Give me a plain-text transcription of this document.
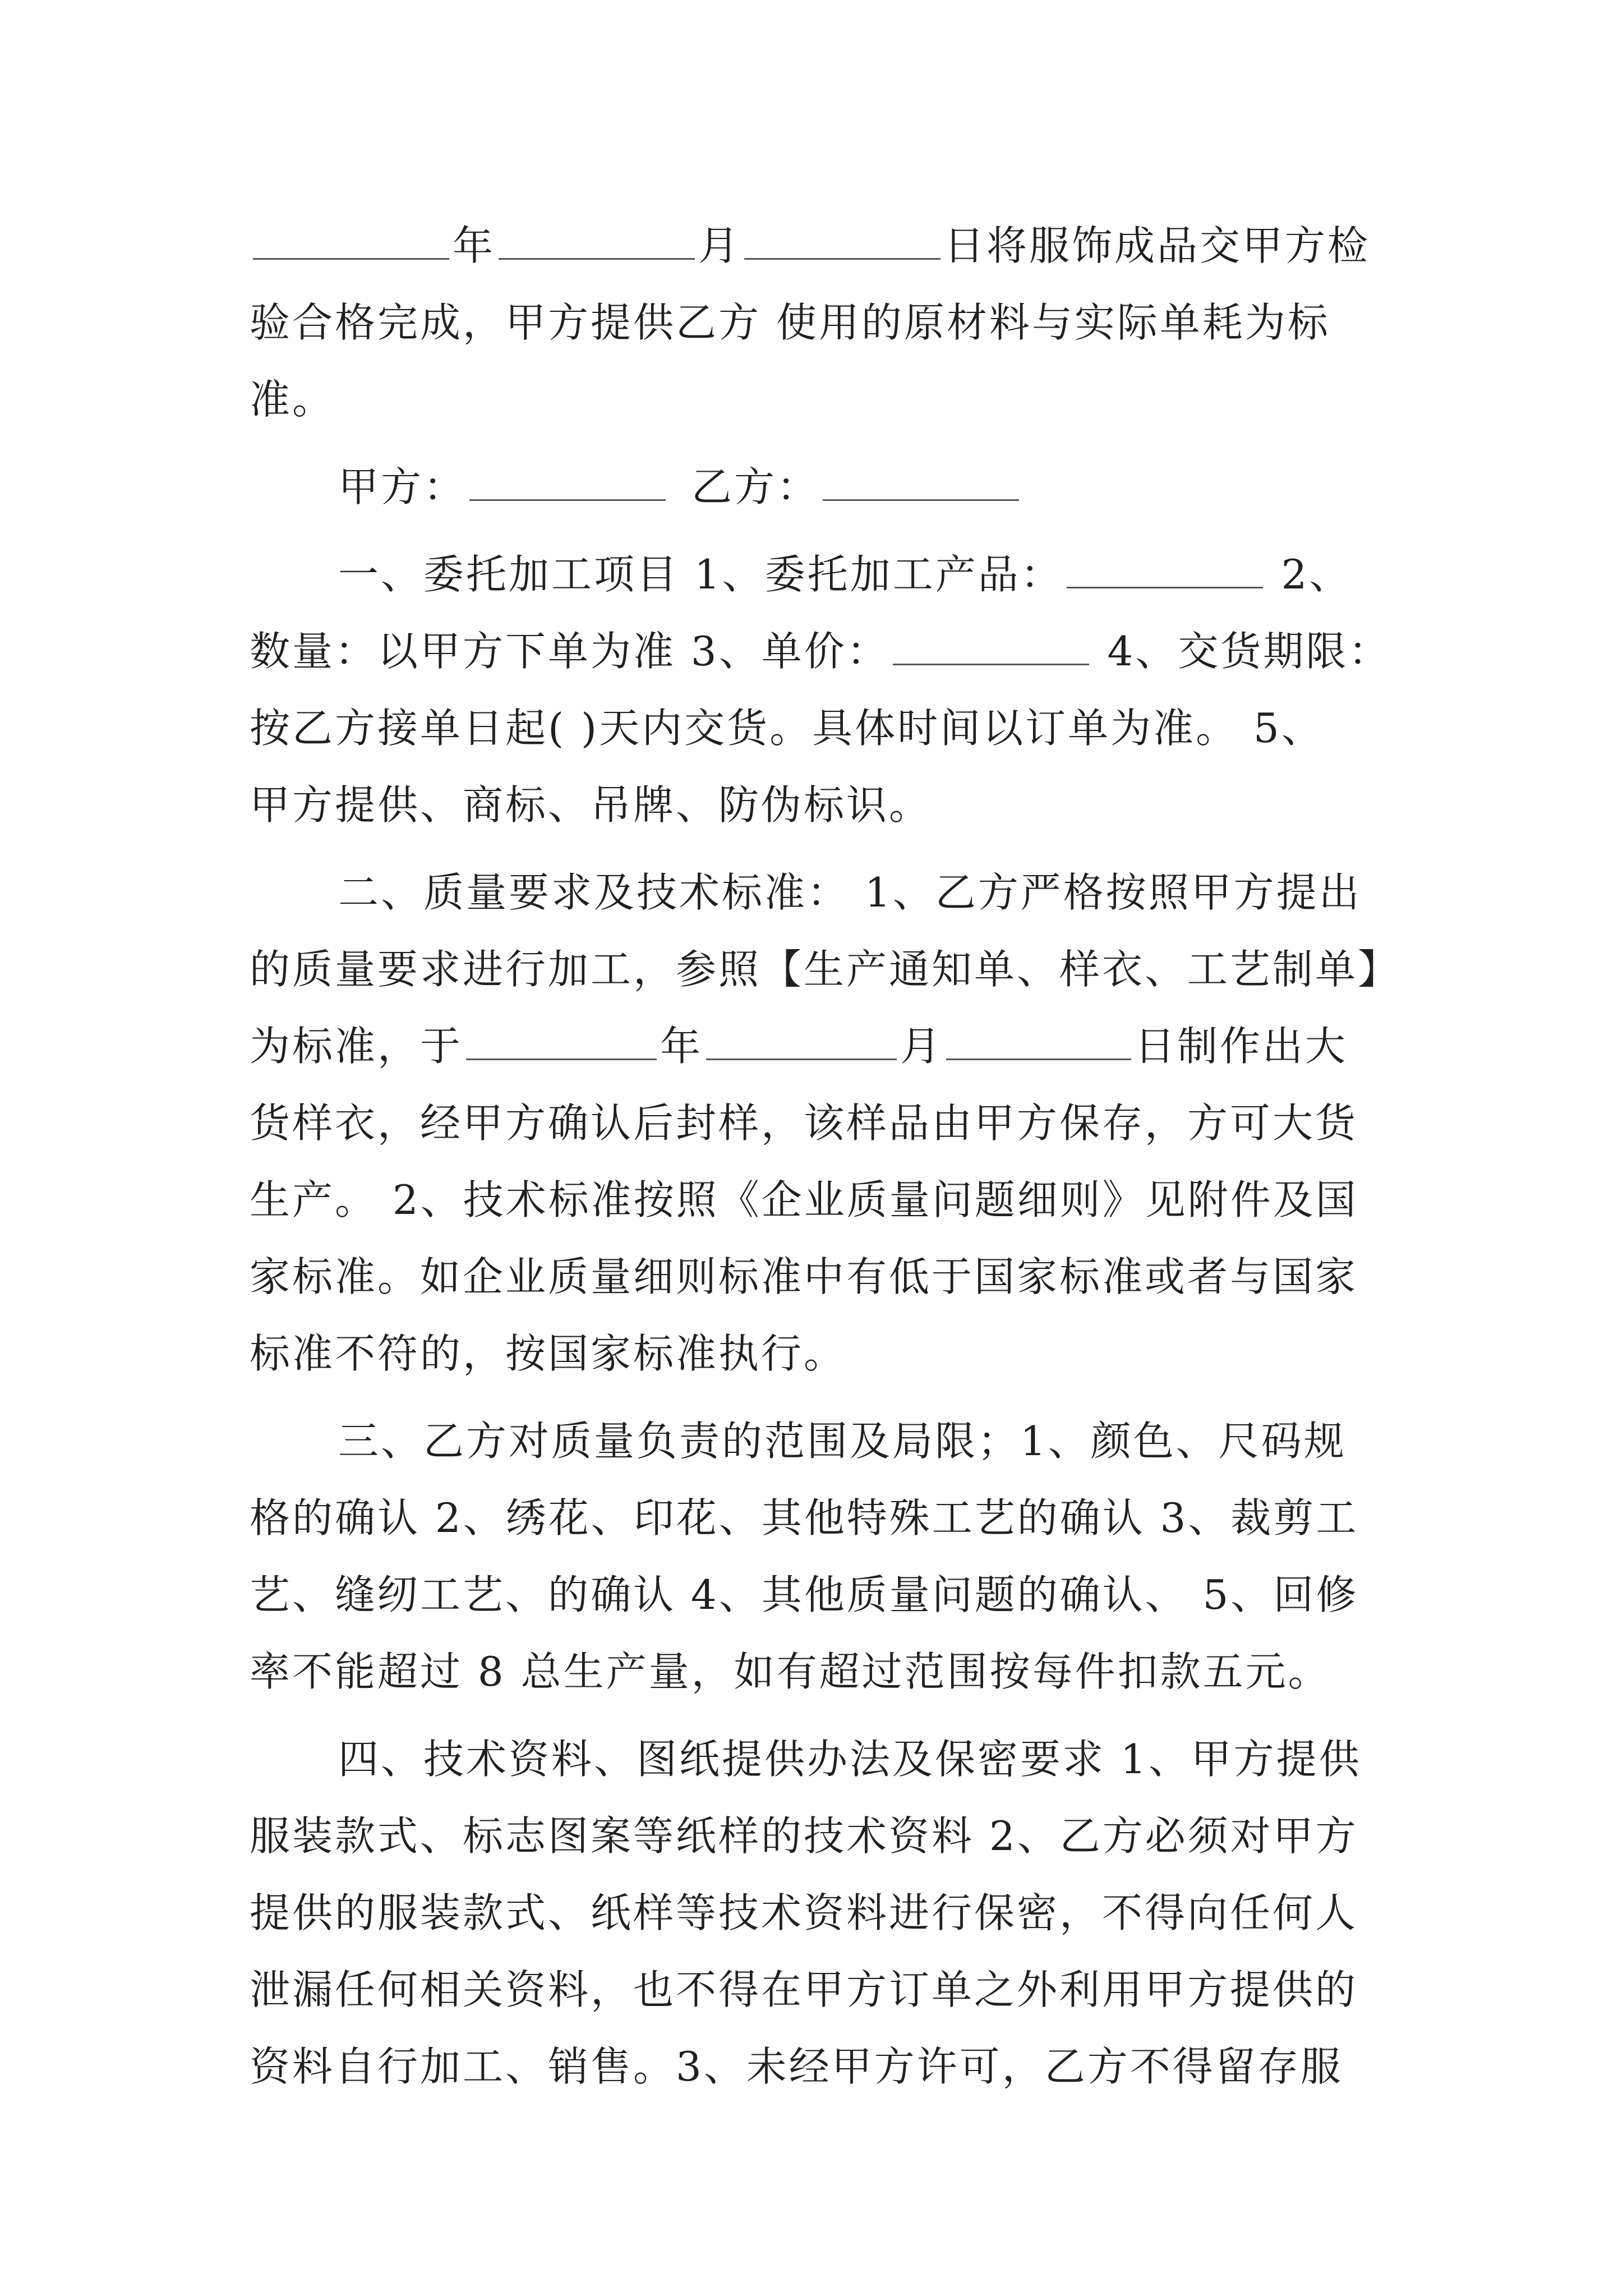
年	月	日将服饰成品交甲方检
验合格完成，甲方提供乙方 使用的原材料与实际单耗为标
准。
甲方：	乙方：
一、委托加工项目 1、委托加工产品：	2、
数量：以甲方下单为准 3、单价：	4、交货期限：
按乙方接单日起( )天内交货。具体时间以订单为准。 5、
甲方提供、商标、吊牌、防伪标识。
二、质量要求及技术标准： 1、乙方严格按照甲方提出
的质量要求进行加工，参照【生产通知单、样衣、工艺制单】
为标准，于	年	月	日制作出大
货样衣，经甲方确认后封样，该样品由甲方保存，方可大货
生产。 2、技术标准按照《企业质量问题细则》见附件及国
家标准。如企业质量细则标准中有低于国家标准或者与国家
标准不符的，按国家标准执行。
三、乙方对质量负责的范围及局限；1、颜色、尺码规
格的确认 2、绣花、印花、其他特殊工艺的确认 3、裁剪工
艺、缝纫工艺、的确认 4、其他质量问题的确认、 5、回修
率不能超过 8 总生产量，如有超过范围按每件扣款五元。
四、技术资料、图纸提供办法及保密要求 1、甲方提供
服装款式、标志图案等纸样的技术资料 2、乙方必须对甲方
提供的服装款式、纸样等技术资料进行保密，不得向任何人
泄漏任何相关资料，也不得在甲方订单之外利用甲方提供的
资料自行加工、销售。3、未经甲方许可，乙方不得留存服
